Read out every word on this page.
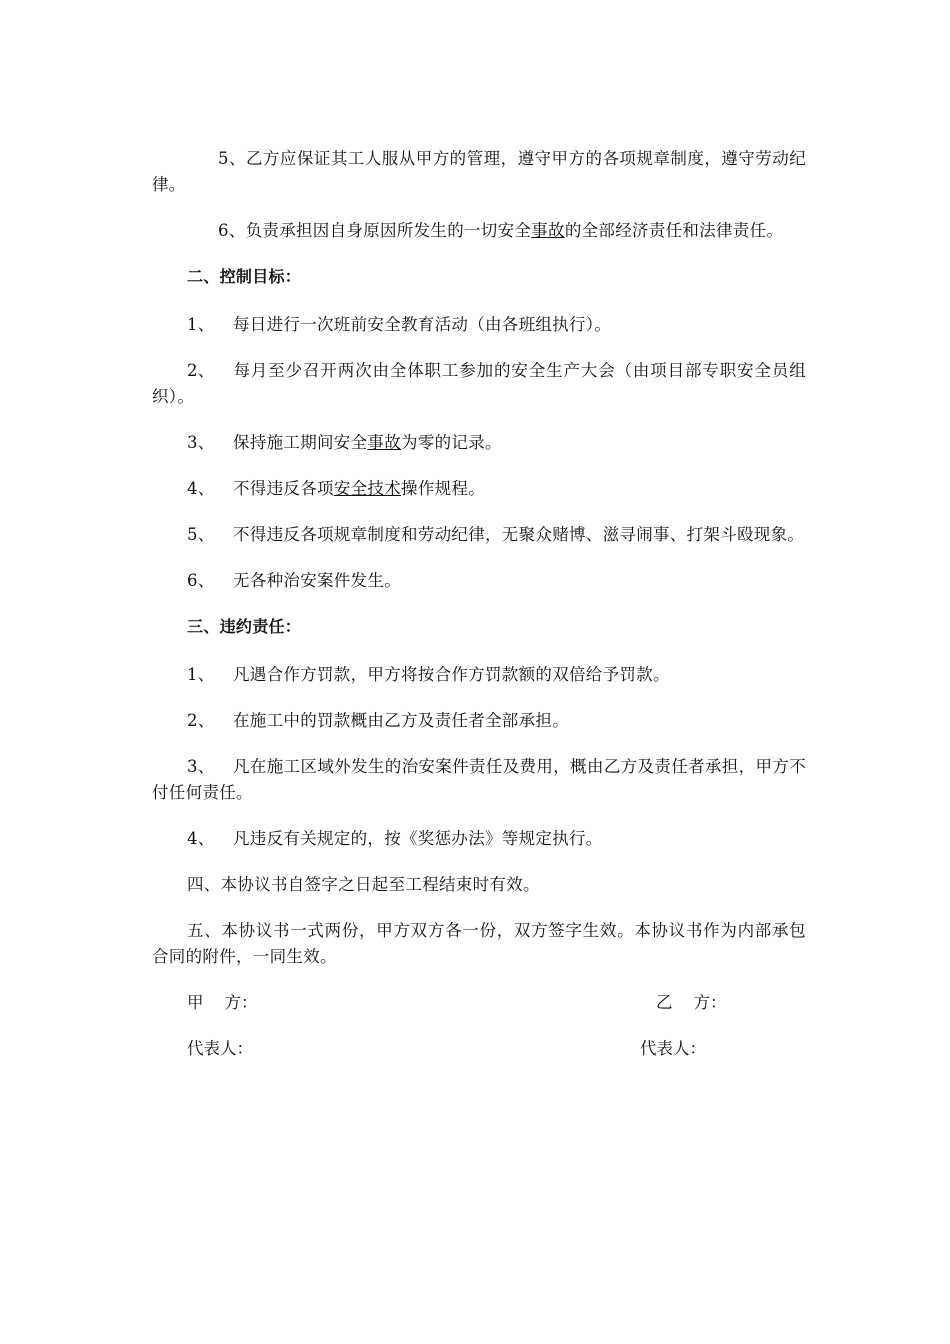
5、乙方应保证其工人服从甲方的管理，遵守甲方的各项规章制度，遵守劳动纪律。

6、负责承担因自身原因所发生的一切安全事故的全部经济责任和法律责任。

二、控制目标：

1、 每日进行一次班前安全教育活动（由各班组执行）。

2、 每月至少召开两次由全体职工参加的安全生产大会（由项目部专职安全员组织）。

3、 保持施工期间安全事故为零的记录。

4、 不得违反各项安全技术操作规程。

5、 不得违反各项规章制度和劳动纪律，无聚众赌博、滋寻闹事、打架斗殴现象。

6、 无各种治安案件发生。

三、违约责任：

1、 凡遇合作方罚款，甲方将按合作方罚款额的双倍给予罚款。

2、 在施工中的罚款概由乙方及责任者全部承担。

3、 凡在施工区域外发生的治安案件责任及费用，概由乙方及责任者承担，甲方不付任何责任。

4、 凡违反有关规定的，按《奖惩办法》等规定执行。

四、本协议书自签字之日起至工程结束时有效。

五、本协议书一式两份，甲方双方各一份，双方签字生效。本协议书作为内部承包合同的附件，一同生效。

甲    方：	乙    方：
代表人：	代表人：
